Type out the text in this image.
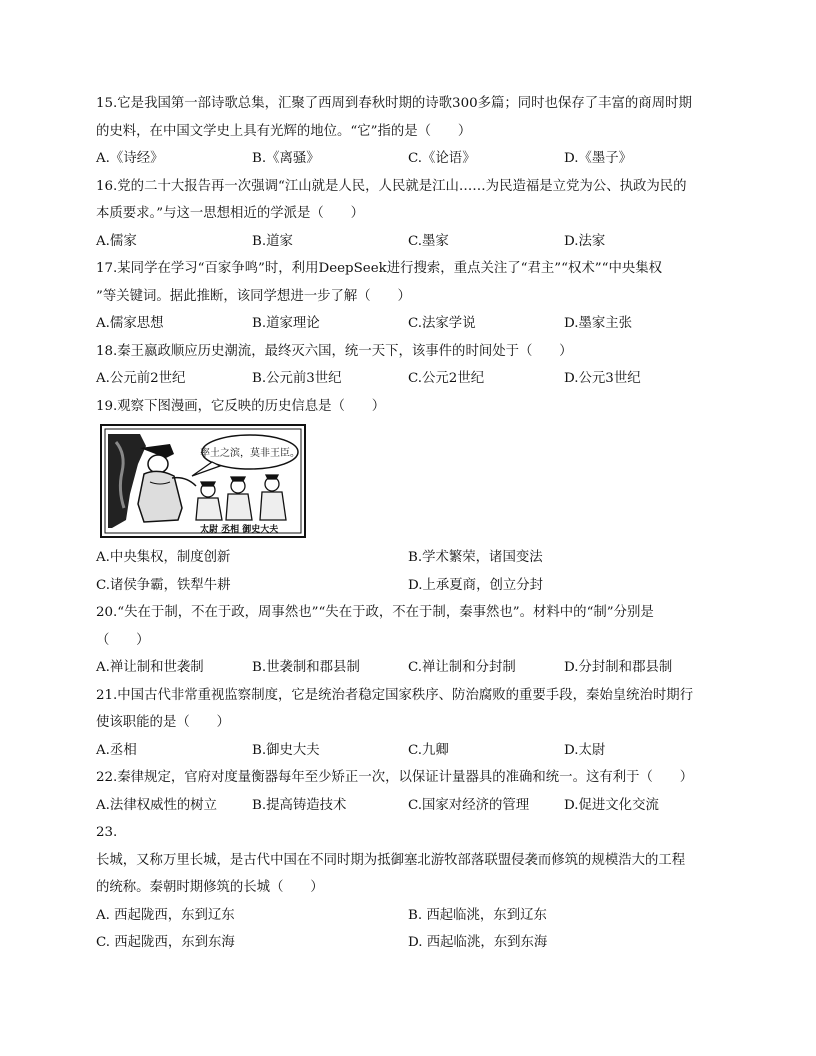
15.它是我国第一部诗歌总集，汇聚了西周到春秋时期的诗歌300多篇；同时也保存了丰富的商周时期
的史料，在中国文学史上具有光辉的地位。“它”指的是（　　）
A.《诗经》	B.《离骚》	C.《论语》	D.《墨子》
16.党的二十大报告再一次强调“江山就是人民，人民就是江山……为民造福是立党为公、执政为民的
本质要求。”与这一思想相近的学派是（　　）
A.儒家	B.道家	C.墨家	D.法家
17.某同学在学习“百家争鸣”时，利用DeepSeek进行搜索，重点关注了“君主”“权术”“中央集权
”等关键词。据此推断，该同学想进一步了解（　　）
A.儒家思想	B.道家理论	C.法家学说	D.墨家主张
18.秦王嬴政顺应历史潮流，最终灭六国，统一天下，该事件的时间处于（　　）
A.公元前2世纪	B.公元前3世纪	C.公元2世纪	D.公元3世纪
19.观察下图漫画，它反映的历史信息是（　　）
率土之滨，莫非王臣。
太尉 丞相 御史大夫
A.中央集权，制度创新	B.学术繁荣，诸国变法
C.诸侯争霸，铁犁牛耕	D.上承夏商，创立分封
20.“失在于制，不在于政，周事然也”“失在于政，不在于制，秦事然也”。材料中的“制”分别是
（　　）
A.禅让制和世袭制	B.世袭制和郡县制	C.禅让制和分封制	D.分封制和郡县制
21.中国古代非常重视监察制度，它是统治者稳定国家秩序、防治腐败的重要手段，秦始皇统治时期行
使该职能的是（　　）
A.丞相	B.御史大夫	C.九卿	D.太尉
22.秦律规定，官府对度量衡器每年至少矫正一次，以保证计量器具的准确和统一。这有利于（　　）
A.法律权威性的树立	B.提高铸造技术	C.国家对经济的管理	D.促进文化交流
23.
长城，又称万里长城，是古代中国在不同时期为抵御塞北游牧部落联盟侵袭而修筑的规模浩大的工程
的统称。秦朝时期修筑的长城（　　）
A. 西起陇西，东到辽东	B. 西起临洮，东到辽东
C. 西起陇西，东到东海	D. 西起临洮，东到东海
